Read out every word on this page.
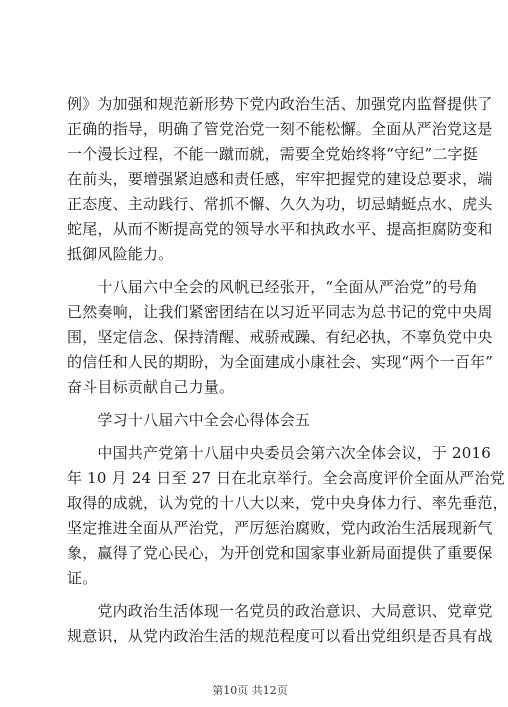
例》为加强和规范新形势下党内政治生活、加强党内监督提供了
正确的指导，明确了管党治党一刻不能松懈。全面从严治党这是
一个漫长过程，不能一蹴而就，需要全党始终将“守纪”二字挺
在前头，要增强紧迫感和责任感，牢牢把握党的建设总要求，端
正态度、主动践行、常抓不懈、久久为功，切忌蜻蜓点水、虎头
蛇尾，从而不断提高党的领导水平和执政水平、提高拒腐防变和
抵御风险能力。
　　十八届六中全会的风帆已经张开，“全面从严治党”的号角
已然奏响，让我们紧密团结在以习近平同志为总书记的党中央周
围，坚定信念、保持清醒、戒骄戒躁、有纪必执，不辜负党中央
的信任和人民的期盼，为全面建成小康社会、实现“两个一百年”
奋斗目标贡献自己力量。
　　学习十八届六中全会心得体会五
　　中国共产党第十八届中央委员会第六次全体会议，于 2016
年 10 月 24 日至 27 日在北京举行。全会高度评价全面从严治党
取得的成就，认为党的十八大以来，党中央身体力行、率先垂范，
坚定推进全面从严治党，严厉惩治腐败，党内政治生活展现新气
象，赢得了党心民心，为开创党和国家事业新局面提供了重要保
证。
　　党内政治生活体现一名党员的政治意识、大局意识、党章党
规意识，从党内政治生活的规范程度可以看出党组织是否具有战
第10页 共12页
